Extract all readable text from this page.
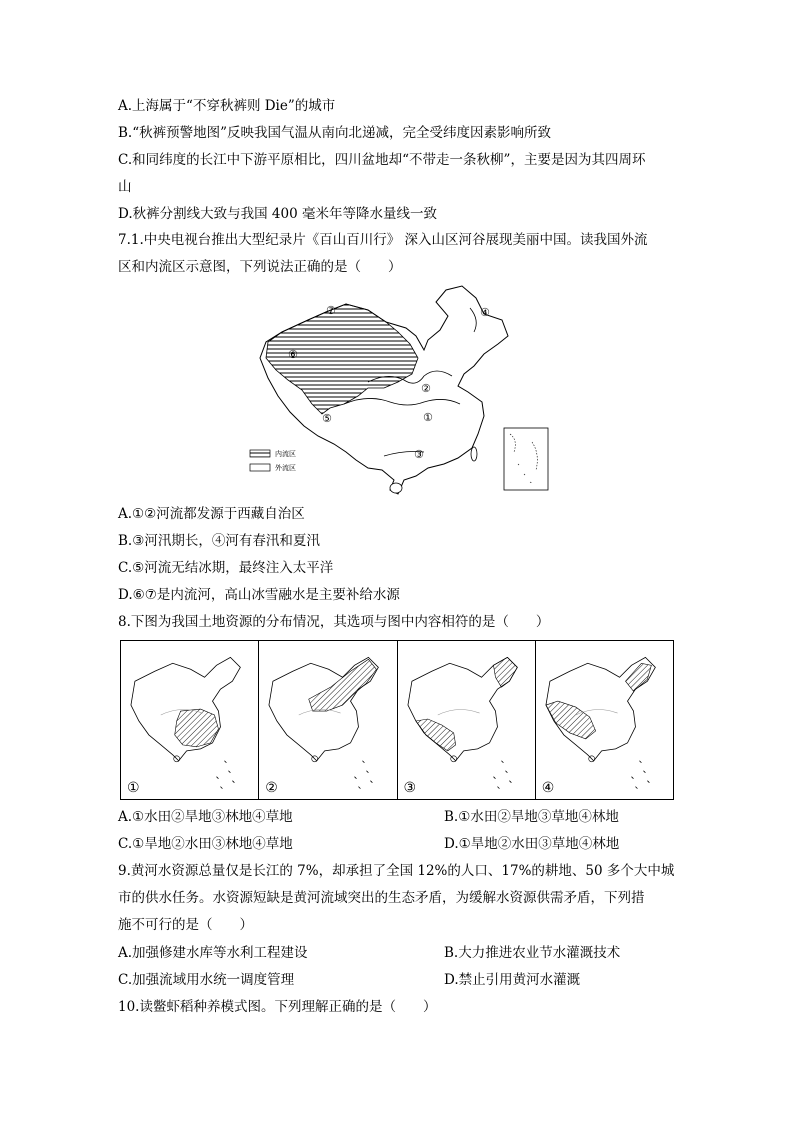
A.上海属于“不穿秋裤则 Die”的城市
B.“秋裤预警地图”反映我国气温从南向北递减，完全受纬度因素影响所致
C.和同纬度的长江中下游平原相比，四川盆地却“不带走一条秋柳”，主要是因为其四周环
山
D.秋裤分割线大致与我国 400 毫米年等降水量线一致
7.1.中央电视台推出大型纪录片《百山百川行》 深入山区河谷展现美丽中国。读我国外流
区和内流区示意图，下列说法正确的是（　　）
①
②
③
④
⑤
⑥
⑦
内流区
外流区
A.①②河流都发源于西藏自治区
B.③河汛期长，④河有春汛和夏汛
C.⑤河流无结冰期，最终注入太平洋
D.⑥⑦是内流河，高山冰雪融水是主要补给水源
8.下图为我国土地资源的分布情况，其选项与图中内容相符的是（　　）
①	②	③	④
A.①水田②旱地③林地④草地	B.①水田②旱地③草地④林地
C.①旱地②水田③林地④草地	D.①旱地②水田③草地④林地
9.黄河水资源总量仅是长江的 7%，却承担了全国 12%的人口、17%的耕地、50 多个大中城
市的供水任务。水资源短缺是黄河流域突出的生态矛盾，为缓解水资源供需矛盾，下列措
施不可行的是（　　）
A.加强修建水库等水利工程建设	B.大力推进农业节水灌溉技术
C.加强流域用水统一调度管理	D.禁止引用黄河水灌溉
10.读鳖虾稻种养模式图。下列理解正确的是（　　）
